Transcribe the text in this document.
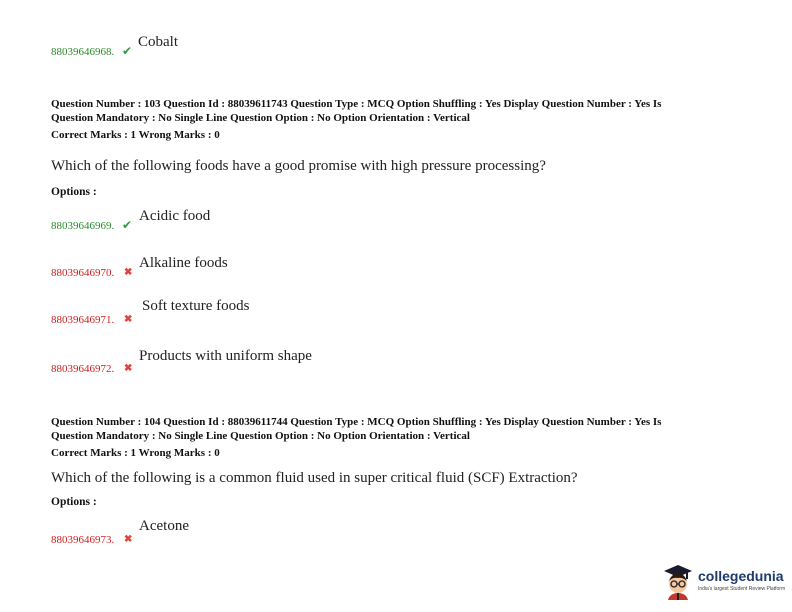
Cobalt
88039646968. ✔
Question Number : 103 Question Id : 88039611743 Question Type : MCQ Option Shuffling : Yes Display Question Number : Yes Is
Question Mandatory : No Single Line Question Option : No Option Orientation : Vertical
Correct Marks : 1 Wrong Marks : 0
Which of the following foods have a good promise with high pressure processing?
Options :
Acidic food
88039646969. ✔
Alkaline foods
88039646970. ✖
Soft texture foods
88039646971. ✖
Products with uniform shape
88039646972. ✖
Question Number : 104 Question Id : 88039611744 Question Type : MCQ Option Shuffling : Yes Display Question Number : Yes Is
Question Mandatory : No Single Line Question Option : No Option Orientation : Vertical
Correct Marks : 1 Wrong Marks : 0
Which of the following is a common fluid used in super critical fluid (SCF) Extraction?
Options :
Acetone
88039646973. ✖
collegedunia
India's largest Student Review Platform
